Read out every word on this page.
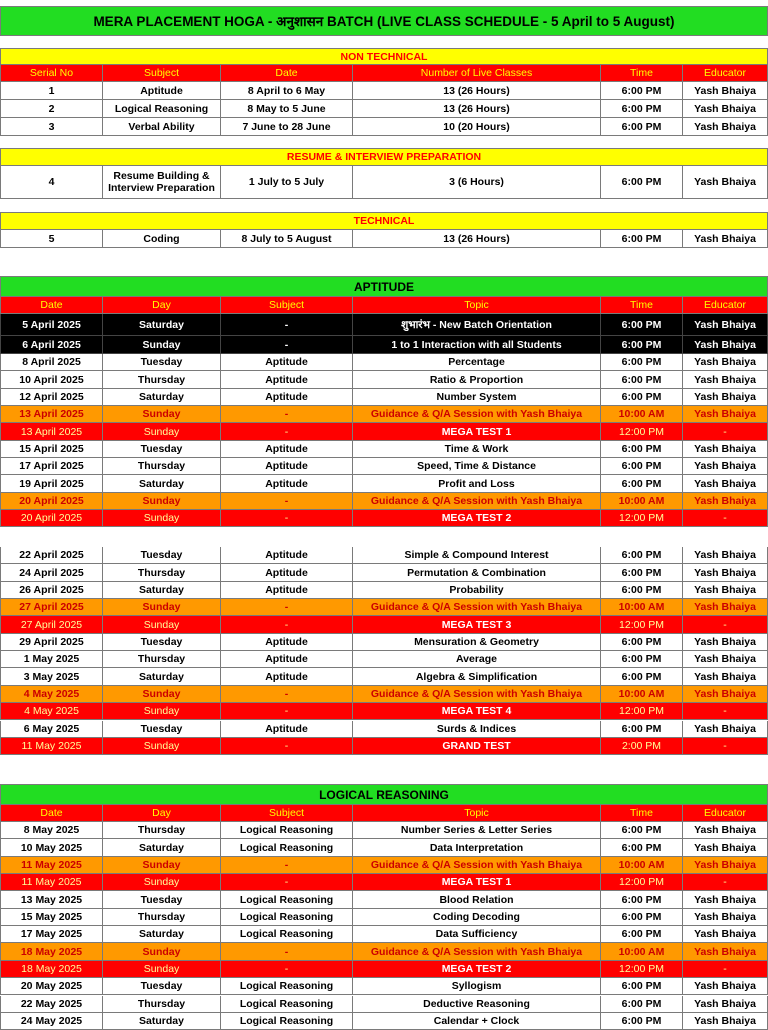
MERA PLACEMENT HOGA - अनुशासन BATCH (LIVE CLASS SCHEDULE - 5 April to 5 August)
NON TECHNICAL
Serial No	Subject	Date	Number of Live Classes	Time	Educator
1	Aptitude	8 April to 6 May	13 (26 Hours)	6:00 PM	Yash Bhaiya
2	Logical Reasoning	8 May to 5 June	13 (26 Hours)	6:00 PM	Yash Bhaiya
3	Verbal Ability	7 June to 28 June	10 (20 Hours)	6:00 PM	Yash Bhaiya
RESUME & INTERVIEW PREPARATION
4	Resume Building & Interview Preparation	1 July to 5 July	3 (6 Hours)	6:00 PM	Yash Bhaiya
TECHNICAL
5	Coding	8 July to 5 August	13 (26 Hours)	6:00 PM	Yash Bhaiya
APTITUDE
Date	Day	Subject	Topic	Time	Educator
5 April 2025	Saturday	-	शुभारंभ - New Batch Orientation	6:00 PM	Yash Bhaiya
6 April 2025	Sunday	-	1 to 1 Interaction with all Students	6:00 PM	Yash Bhaiya
8 April 2025	Tuesday	Aptitude	Percentage	6:00 PM	Yash Bhaiya
10 April 2025	Thursday	Aptitude	Ratio & Proportion	6:00 PM	Yash Bhaiya
12 April 2025	Saturday	Aptitude	Number System	6:00 PM	Yash Bhaiya
13 April 2025	Sunday	-	Guidance & Q/A Session with Yash Bhaiya	10:00 AM	Yash Bhaiya
13 April 2025	Sunday	-	MEGA TEST 1	12:00 PM	-
15 April 2025	Tuesday	Aptitude	Time & Work	6:00 PM	Yash Bhaiya
17 April 2025	Thursday	Aptitude	Speed, Time & Distance	6:00 PM	Yash Bhaiya
19 April 2025	Saturday	Aptitude	Profit and Loss	6:00 PM	Yash Bhaiya
20 April 2025	Sunday	-	Guidance & Q/A Session with Yash Bhaiya	10:00 AM	Yash Bhaiya
20 April 2025	Sunday	-	MEGA TEST 2	12:00 PM	-
22 April 2025	Tuesday	Aptitude	Simple & Compound Interest	6:00 PM	Yash Bhaiya
24 April 2025	Thursday	Aptitude	Permutation & Combination	6:00 PM	Yash Bhaiya
26 April 2025	Saturday	Aptitude	Probability	6:00 PM	Yash Bhaiya
27 April 2025	Sunday	-	Guidance & Q/A Session with Yash Bhaiya	10:00 AM	Yash Bhaiya
27 April 2025	Sunday	-	MEGA TEST 3	12:00 PM	-
29 April 2025	Tuesday	Aptitude	Mensuration & Geometry	6:00 PM	Yash Bhaiya
1 May 2025	Thursday	Aptitude	Average	6:00 PM	Yash Bhaiya
3 May 2025	Saturday	Aptitude	Algebra & Simplification	6:00 PM	Yash Bhaiya
4 May 2025	Sunday	-	Guidance & Q/A Session with Yash Bhaiya	10:00 AM	Yash Bhaiya
4 May 2025	Sunday	-	MEGA TEST 4	12:00 PM	-
6 May 2025	Tuesday	Aptitude	Surds & Indices	6:00 PM	Yash Bhaiya
11 May 2025	Sunday	-	GRAND TEST	2:00 PM	-
LOGICAL REASONING
Date	Day	Subject	Topic	Time	Educator
8 May 2025	Thursday	Logical Reasoning	Number Series & Letter Series	6:00 PM	Yash Bhaiya
10 May 2025	Saturday	Logical Reasoning	Data Interpretation	6:00 PM	Yash Bhaiya
11 May 2025	Sunday	-	Guidance & Q/A Session with Yash Bhaiya	10:00 AM	Yash Bhaiya
11 May 2025	Sunday	-	MEGA TEST 1	12:00 PM	-
13 May 2025	Tuesday	Logical Reasoning	Blood Relation	6:00 PM	Yash Bhaiya
15 May 2025	Thursday	Logical Reasoning	Coding Decoding	6:00 PM	Yash Bhaiya
17 May 2025	Saturday	Logical Reasoning	Data Sufficiency	6:00 PM	Yash Bhaiya
18 May 2025	Sunday	-	Guidance & Q/A Session with Yash Bhaiya	10:00 AM	Yash Bhaiya
18 May 2025	Sunday	-	MEGA TEST 2	12:00 PM	-
20 May 2025	Tuesday	Logical Reasoning	Syllogism	6:00 PM	Yash Bhaiya
22 May 2025	Thursday	Logical Reasoning	Deductive Reasoning	6:00 PM	Yash Bhaiya
24 May 2025	Saturday	Logical Reasoning	Calendar + Clock	6:00 PM	Yash Bhaiya
